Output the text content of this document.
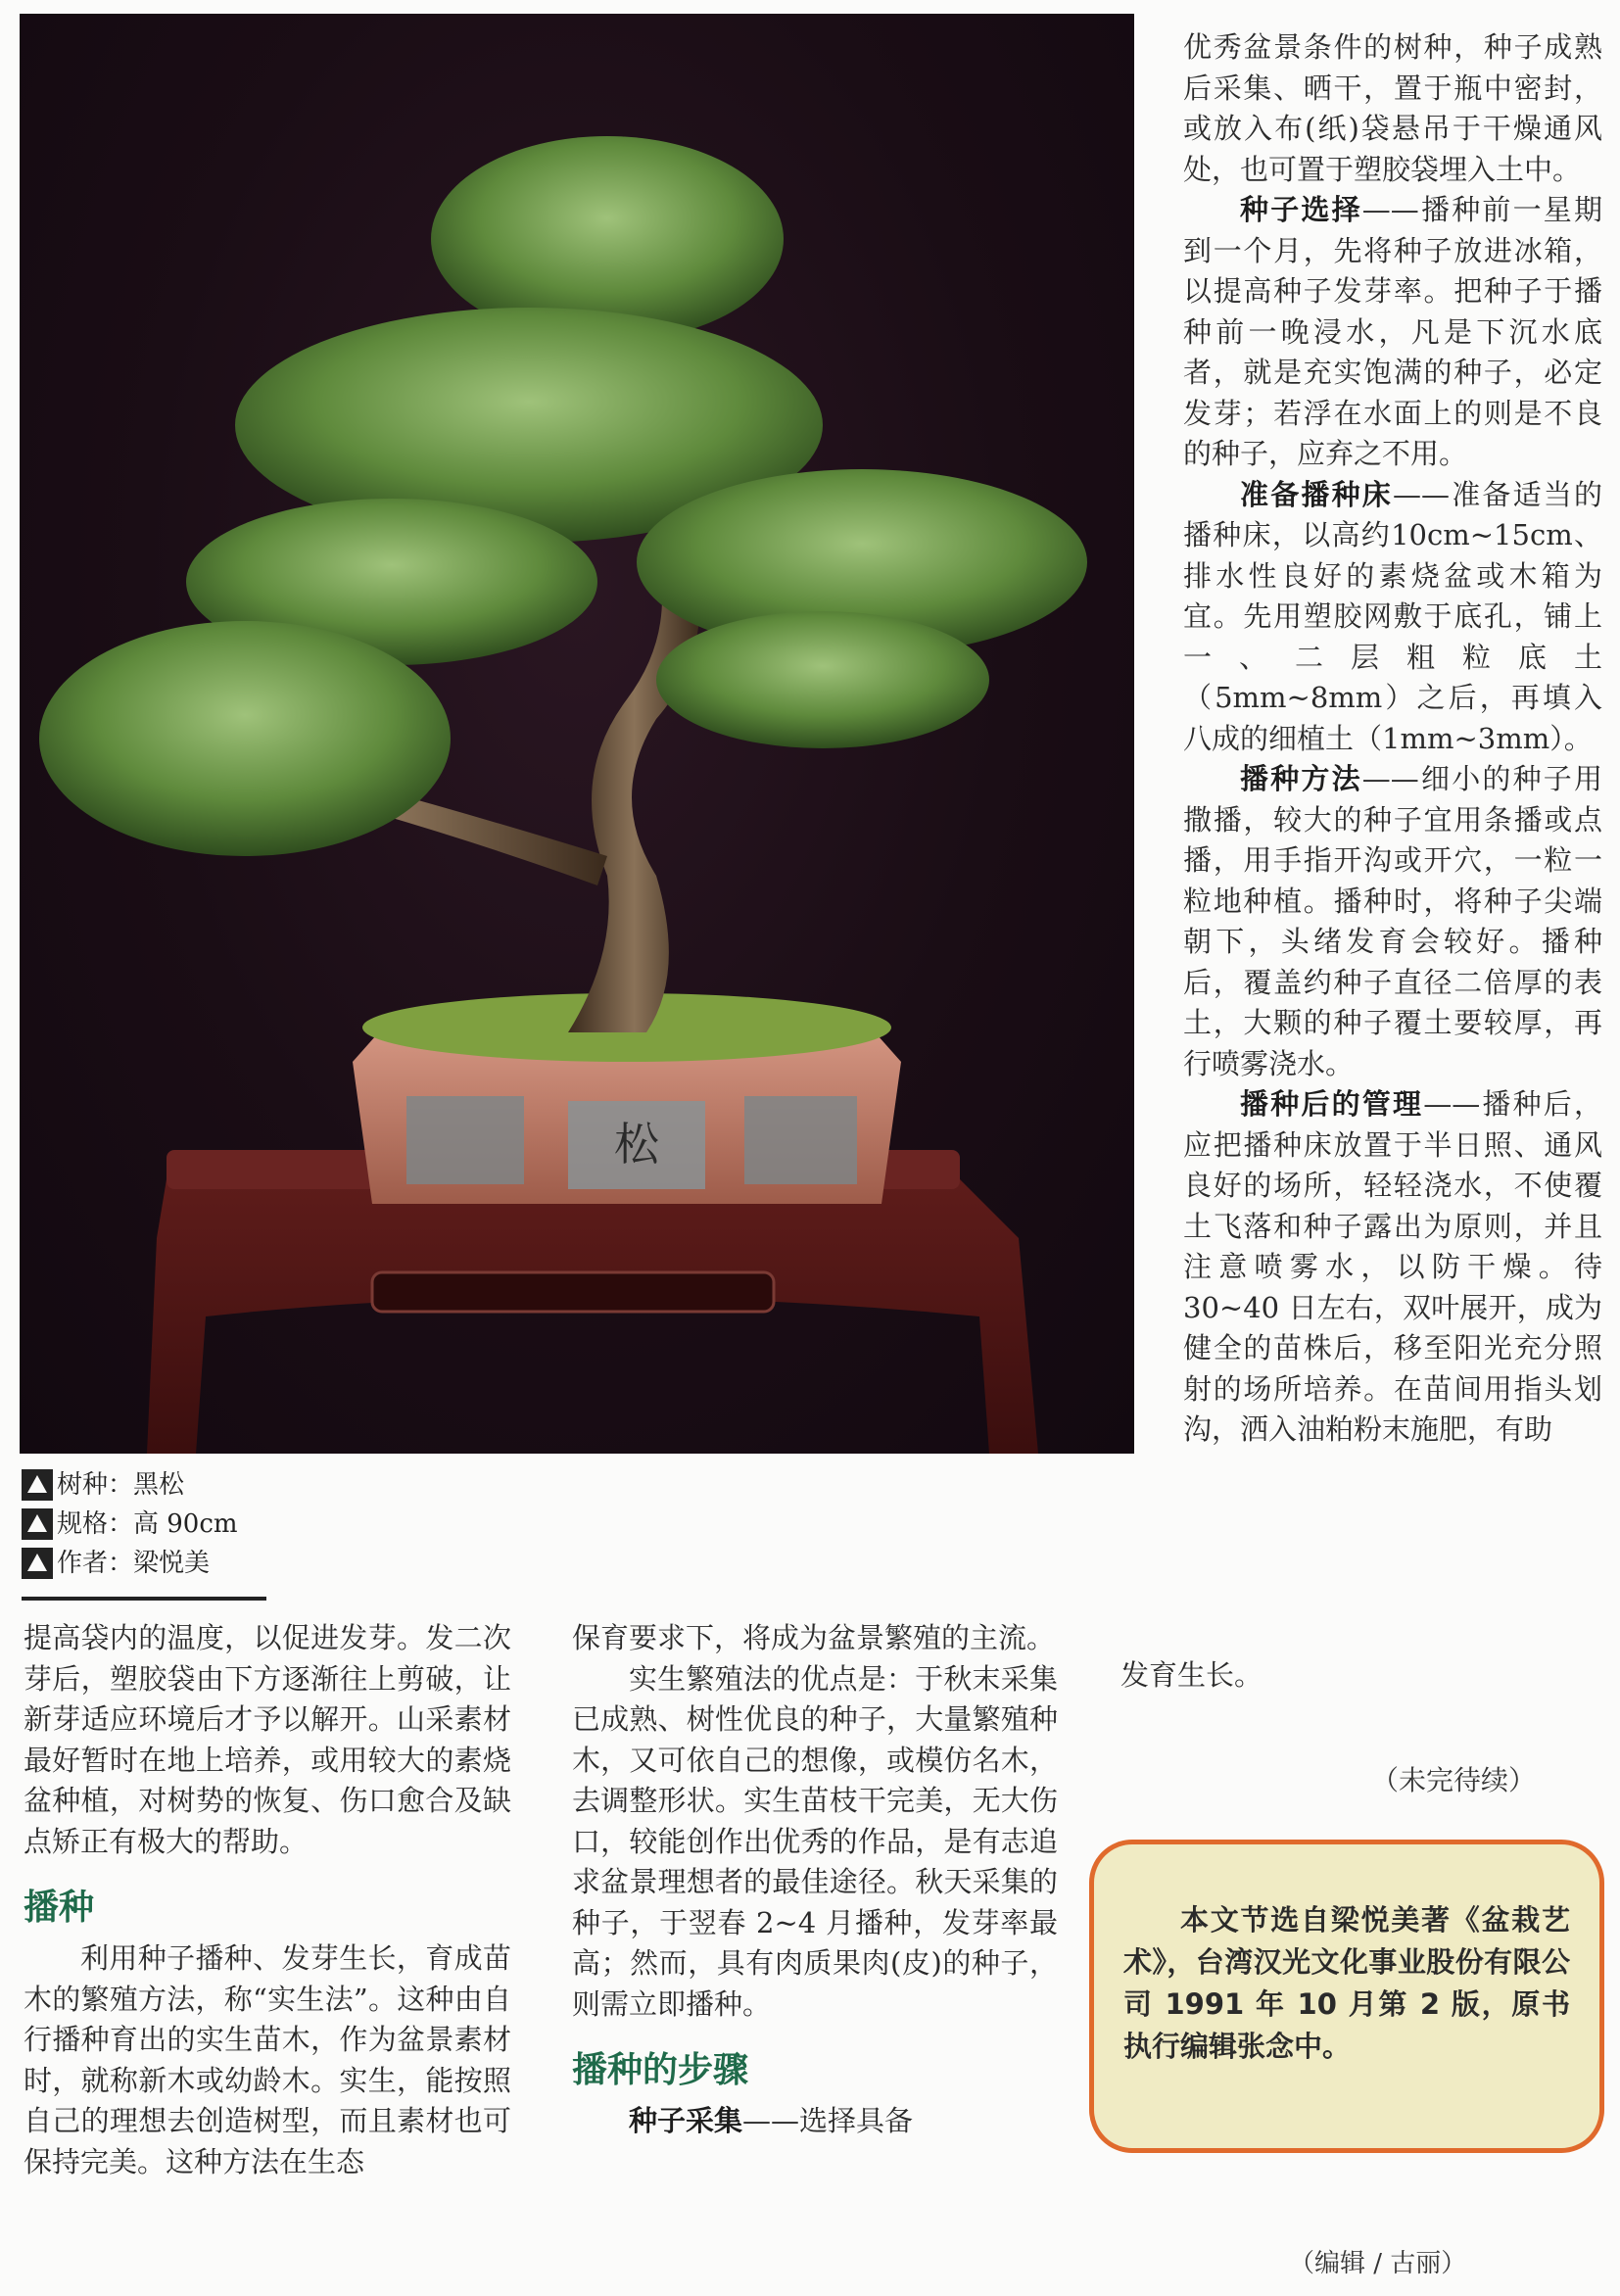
松
树种：黑松
规格：高 90cm
作者：梁悦美

提高袋内的温度，以促进发芽。发二次芽后，塑胶袋由下方逐渐往上剪破，让新芽适应环境后才予以解开。山采素材最好暂时在地上培养，或用较大的素烧盆种植，对树势的恢复、伤口愈合及缺点矫正有极大的帮助。

播种

利用种子播种、发芽生长，育成苗木的繁殖方法，称“实生法”。这种由自行播种育出的实生苗木，作为盆景素材时，就称新木或幼龄木。实生，能按照自己的理想去创造树型，而且素材也可保持完美。这种方法在生态

保育要求下，将成为盆景繁殖的主流。

实生繁殖法的优点是：于秋末采集已成熟、树性优良的种子，大量繁殖种木，又可依自己的想像，或模仿名木，去调整形状。实生苗枝干完美，无大伤口，较能创作出优秀的作品，是有志追求盆景理想者的最佳途径。秋天采集的种子，于翌春 2~4 月播种，发芽率最高；然而，具有肉质果肉(皮)的种子，则需立即播种。

播种的步骤

种子采集——选择具备

优秀盆景条件的树种，种子成熟后采集、晒干，置于瓶中密封，或放入布(纸)袋悬吊于干燥通风处，也可置于塑胶袋埋入土中。

种子选择——播种前一星期到一个月，先将种子放进冰箱，以提高种子发芽率。把种子于播种前一晚浸水，凡是下沉水底者，就是充实饱满的种子，必定发芽；若浮在水面上的则是不良的种子，应弃之不用。

准备播种床——准备适当的播种床，以高约10cm~15cm、排水性良好的素烧盆或木箱为宜。先用塑胶网敷于底孔，铺上一、二层粗粒底土（5mm~8mm）之后，再填入八成的细植土（1mm~3mm）。

播种方法——细小的种子用撒播，较大的种子宜用条播或点播，用手指开沟或开穴，一粒一粒地种植。播种时，将种子尖端朝下，头绪发育会较好。播种后，覆盖约种子直径二倍厚的表土，大颗的种子覆土要较厚，再行喷雾浇水。

播种后的管理——播种后，应把播种床放置于半日照、通风良好的场所，轻轻浇水，不使覆土飞落和种子露出为原则，并且注意喷雾水，以防干燥。待 30~40 日左右，双叶展开，成为健全的苗株后，移至阳光充分照射的场所培养。在苗间用指头划沟，洒入油粕粉末施肥，有助

发育生长。

（未完待续）

本文节选自梁悦美著《盆栽艺术》，台湾汉光文化事业股份有限公司 1991 年 10 月第 2 版，原书执行编辑张念中。

（编辑 / 古丽）
